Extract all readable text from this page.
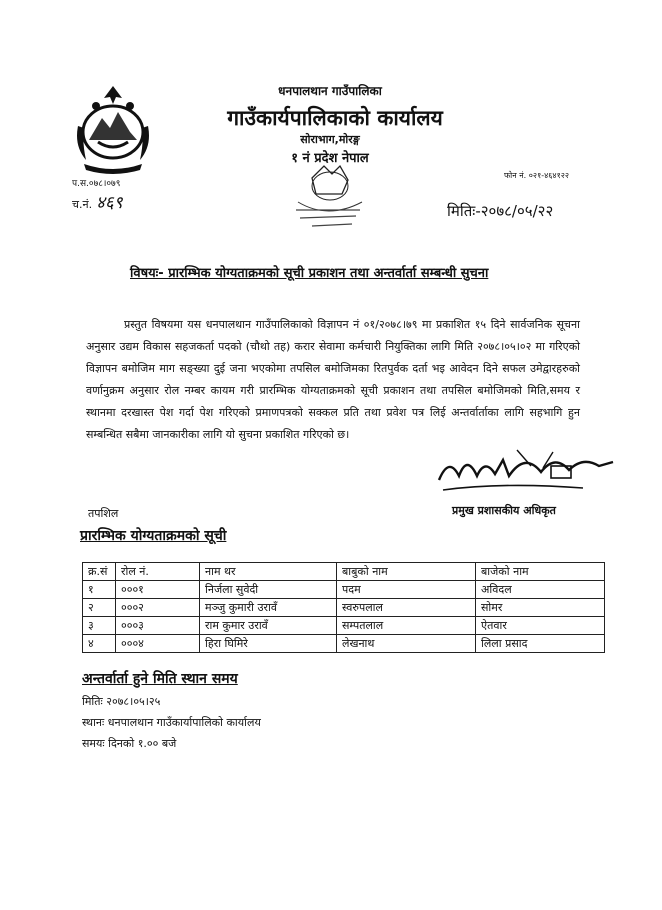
धनपालथान गाउँपालिका
गाउँकार्यपालिकाको कार्यालय
सोराभाग,मोरङ्ग
१ नं प्रदेश नेपाल
फोन नं. ०२१-४६४१२२
प.स.०७८।०७९
च.नं. ४६९	मितिः-२०७८/०५/२२
विषयः- प्रारम्भिक योग्यताक्रमको सूची प्रकाशन तथा अन्तर्वार्ता सम्बन्धी सुचना
प्रस्तुत विषयमा यस धनपालथान गाउँपालिकाको विज्ञापन नं ०१/२०७८।७९ मा प्रकाशित १५ दिने सार्वजनिक सूचना अनुसार उद्यम विकास सहजकर्ता पदको (चौथो तह) करार सेवामा कर्मचारी नियुक्तिका लागि मिति २०७८।०५।०२ मा गरिएको विज्ञापन बमोजिम माग सङ्ख्या दुई जना भएकोमा तपसिल बमोजिमका रितपुर्वक दर्ता भइ आवेदन दिने सफल उमेद्वारहरुको वर्णानुक्रम अनुसार रोल नम्बर कायम गरी प्रारम्भिक योग्यताक्रमको सूची प्रकाशन तथा तपसिल बमोजिमको मिति,समय र स्थानमा दरखास्त पेश गर्दा पेश गरिएको प्रमाणपत्रको सक्कल प्रति तथा प्रवेश पत्र लिई अन्तर्वार्ताका लागि सहभागि हुन सम्बन्धित सबैमा जानकारीका लागि यो सुचना प्रकाशित गरिएको छ।
प्रमुख प्रशासकीय अधिकृत
तपशिल
प्रारम्भिक योग्यताक्रमको सूची
क्र.सं	रोल नं.	नाम थर	बाबुको नाम	बाजेको नाम
१	०००१	निर्जला सुवेदी	पदम	अविदल
२	०००२	मञ्जु कुमारी उरावँ	स्वरुपलाल	सोमर
३	०००३	राम कुमार उरावँ	सम्पतलाल	ऐतवार
४	०००४	हिरा घिमिरे	लेखनाथ	लिला प्रसाद
अन्तर्वार्ता हुने मिति स्थान समय
मितिः २०७८।०५।२५
स्थानः धनपालथान गाउँकार्यापालिको कार्यालय
समयः दिनको १.०० बजे
